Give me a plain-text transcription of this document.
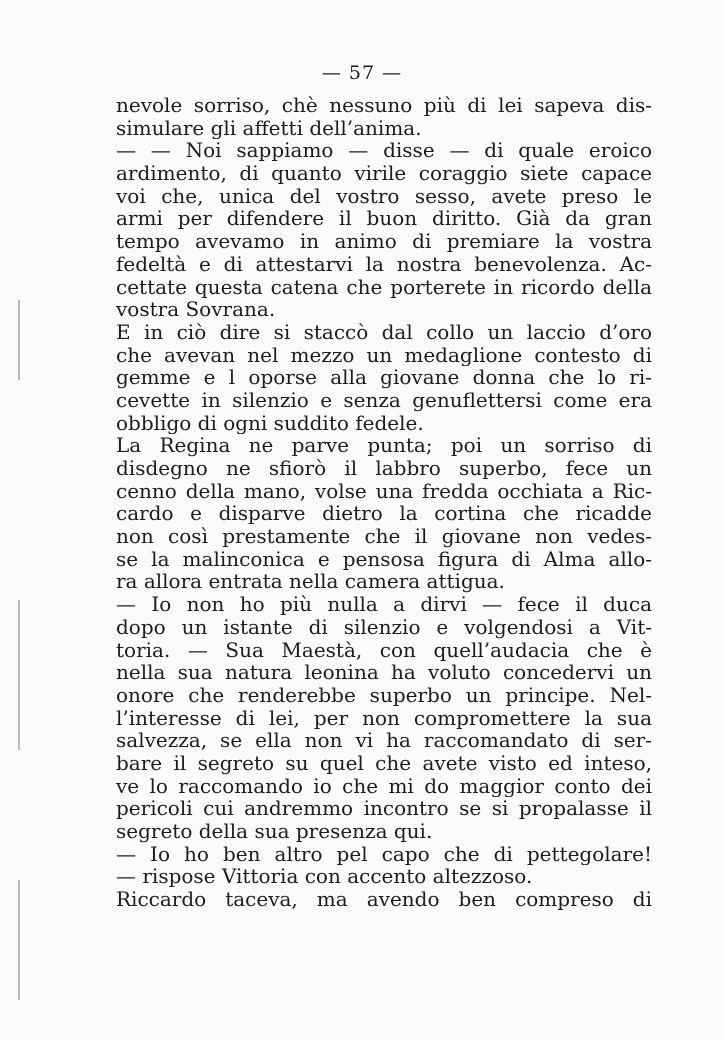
— 57 —
nevole sorriso, chè nessuno più di lei sapeva dis-
simulare gli affetti dell’anima.
— — Noi sappiamo — disse — di quale eroico
ardimento, di quanto virile coraggio siete capace
voi che, unica del vostro sesso, avete preso le
armi per difendere il buon diritto. Già da gran
tempo avevamo in animo di premiare la vostra
fedeltà e di attestarvi la nostra benevolenza. Ac-
cettate questa catena che porterete in ricordo della
vostra Sovrana.
E in ciò dire si staccò dal collo un laccio d’oro
che avevan nel mezzo un medaglione contesto di
gemme e l oporse alla giovane donna che lo ri-
cevette in silenzio e senza genuflettersi come era
obbligo di ogni suddito fedele.
La Regina ne parve punta; poi un sorriso di
disdegno ne sfiorò il labbro superbo, fece un
cenno della mano, volse una fredda occhiata a Ric-
cardo e disparve dietro la cortina che ricadde
non così prestamente che il giovane non vedes-
se la malinconica e pensosa figura di Alma allo-
ra allora entrata nella camera attigua.
— Io non ho più nulla a dirvi — fece il duca
dopo un istante di silenzio e volgendosi a Vit-
toria. — Sua Maestà, con quell’audacia che è
nella sua natura leonina ha voluto concedervi un
onore che renderebbe superbo un principe. Nel-
l’interesse di lei, per non compromettere la sua
salvezza, se ella non vi ha raccomandato di ser-
bare il segreto su quel che avete visto ed inteso,
ve lo raccomando io che mi do maggior conto dei
pericoli cui andremmo incontro se si propalasse il
segreto della sua presenza qui.
— Io ho ben altro pel capo che di pettegolare!
— rispose Vittoria con accento altezzoso.
Riccardo taceva, ma avendo ben compreso di
